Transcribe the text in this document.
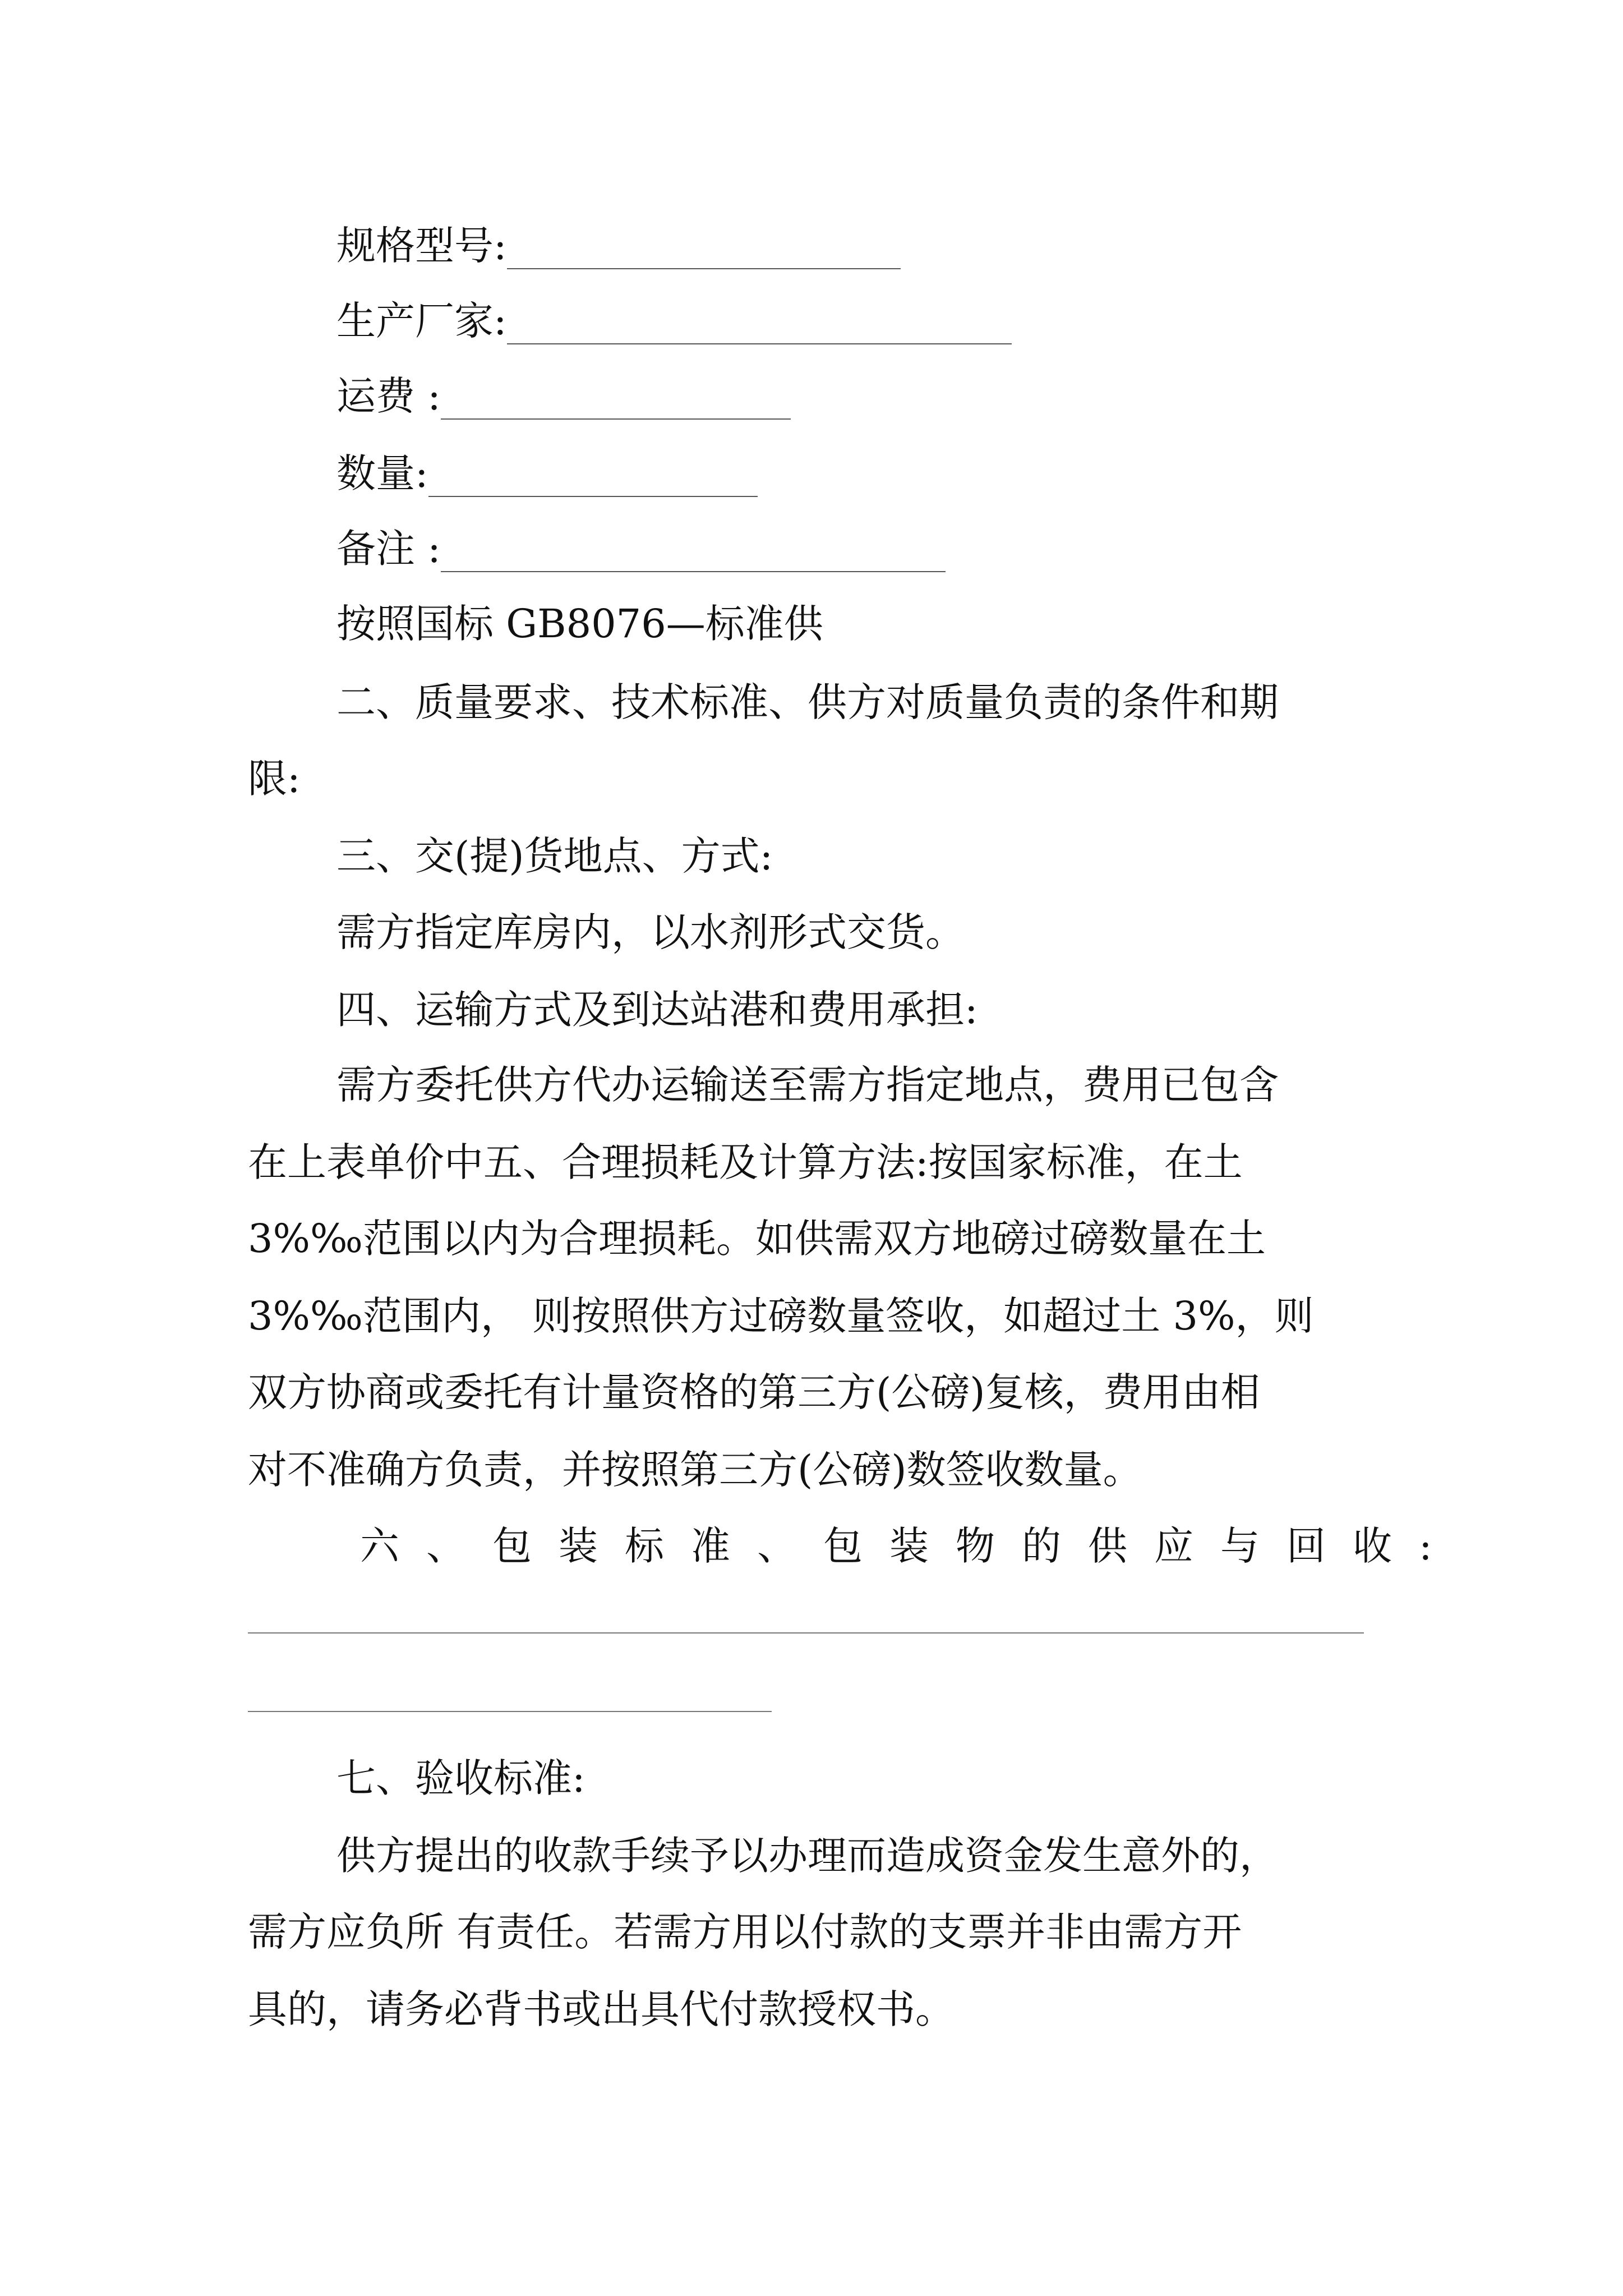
规格型号:
生产厂家:
运费 :
数量:
备注 :
按照国标 GB8076—标准供
二、质量要求、技术标准、供方对质量负责的条件和期
限:
三、交(提)货地点、方式:
需方指定库房内，以水剂形式交货。
四、运输方式及到达站港和费用承担:
需方委托供方代办运输送至需方指定地点，费用已包含
在上表单价中五、合理损耗及计算方法:按国家标准，在土
3%‰范围以内为合理损耗。如供需双方地磅过磅数量在土
3%‰范围内， 则按照供方过磅数量签收，如超过土 3%，则
双方协商或委托有计量资格的第三方(公磅)复核，费用由相
对不准确方负责，并按照第三方(公磅)数签收数量。
六、包装标准、包装物的供应与回收:
七、验收标准:
供方提出的收款手续予以办理而造成资金发生意外的，
需方应负所 有责任。若需方用以付款的支票并非由需方开
具的，请务必背书或出具代付款授权书。
